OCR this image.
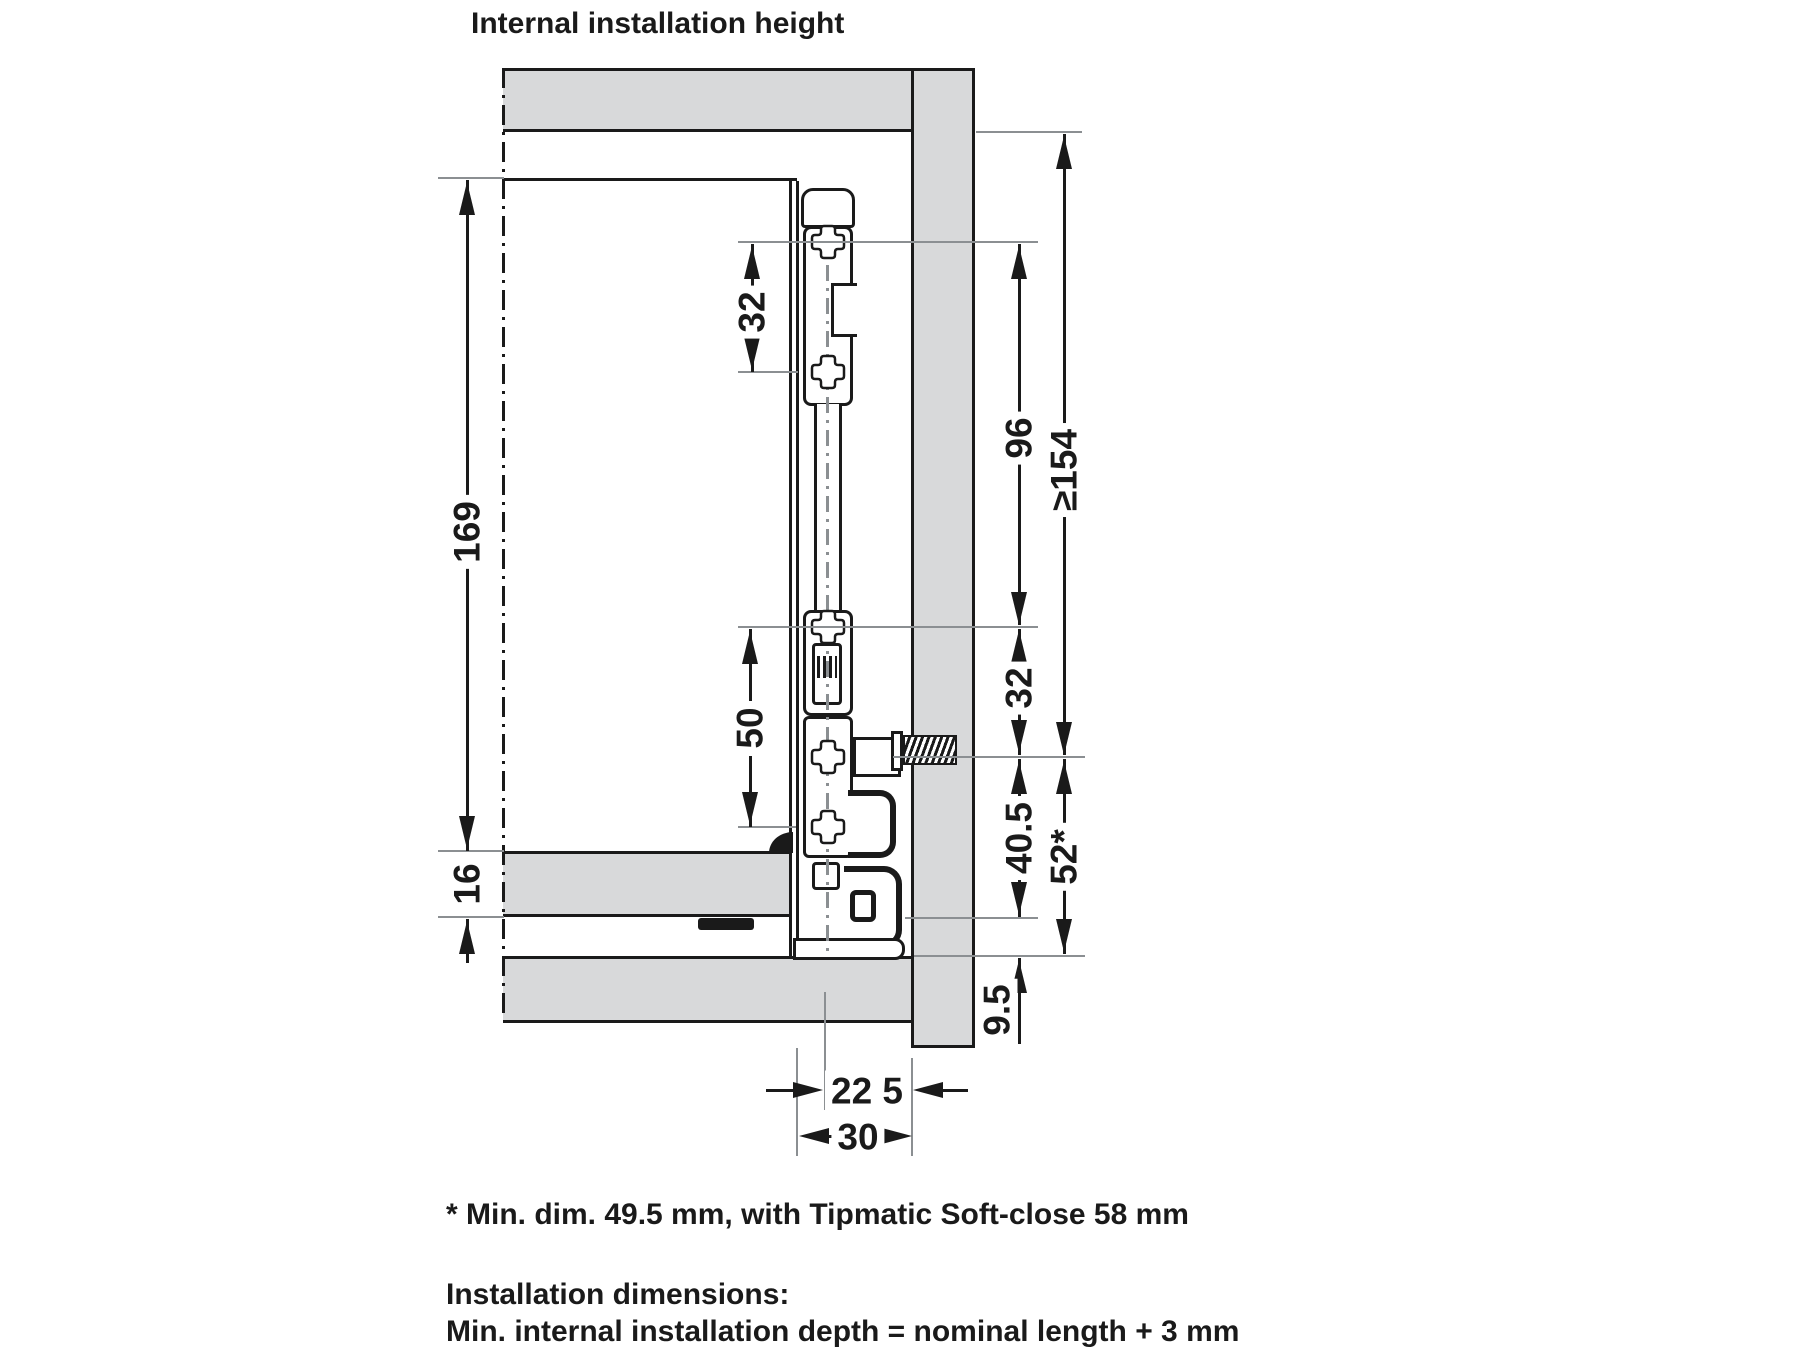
Internal installation height
169
16
32
50
96 ≥154
32
40.5 52*
9.5
22 5
30
* Min. dim. 49.5 mm, with Tipmatic Soft-close 58 mm
Installation dimensions:
Min. internal installation depth = nominal length + 3 mm
